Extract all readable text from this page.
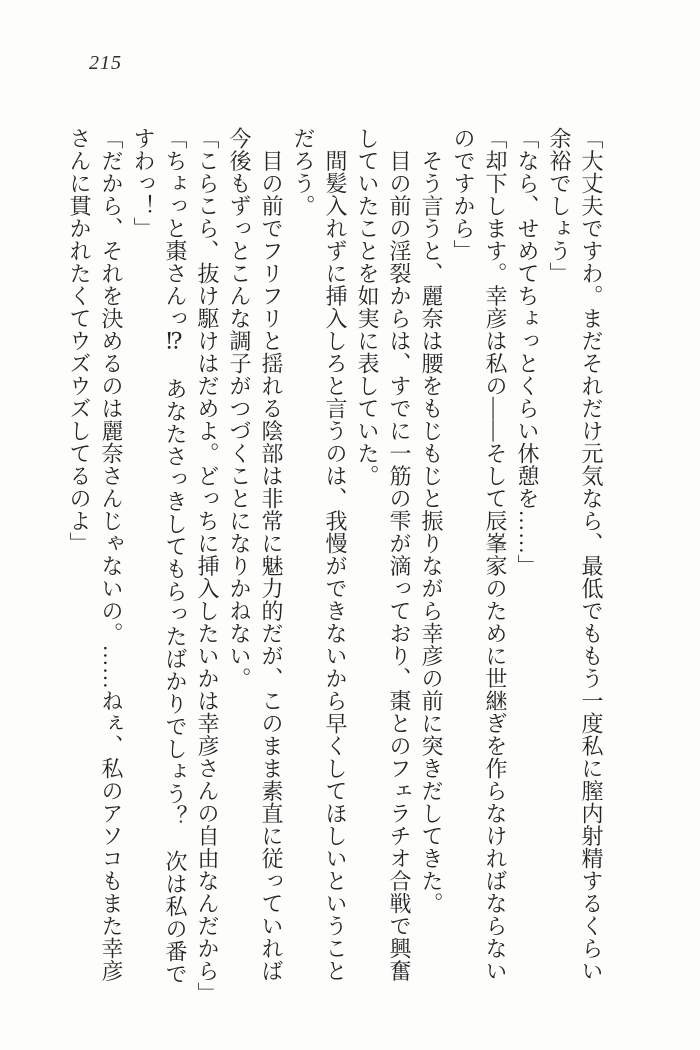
215

「大丈夫ですわ。まだそれだけ元気なら、最低でももう一度私に膣内射精するくらい

余裕でしょう」

「なら、せめてちょっとくらい休憩を……」

「却下します。幸彦は私の――そして辰峯家のために世継ぎを作らなければならない

のですから」

　そう言うと、麗奈は腰をもじもじと振りながら幸彦の前に突きだしてきた。

　目の前の淫裂からは、すでに一筋の雫が滴っており、棗とのフェラチオ合戦で興奮

していたことを如実に表していた。

　間髪入れずに挿入しろと言うのは、我慢ができないから早くしてほしいということ

だろう。

　目の前でフリフリと揺れる陰部は非常に魅力的だが、このまま素直に従っていれば

今後もずっとこんな調子がつづくことになりかねない。

「こらこら、抜け駆けはだめよ。どっちに挿入したいかは幸彦さんの自由なんだから」

「ちょっと棗さんっ⁉　あなたさっきしてもらったばかりでしょう？　次は私の番で

すわっ！」

「だから、それを決めるのは麗奈さんじゃないの。……ねぇ、私のアソコもまた幸彦

さんに貫かれたくてウズウズしてるのよ」
